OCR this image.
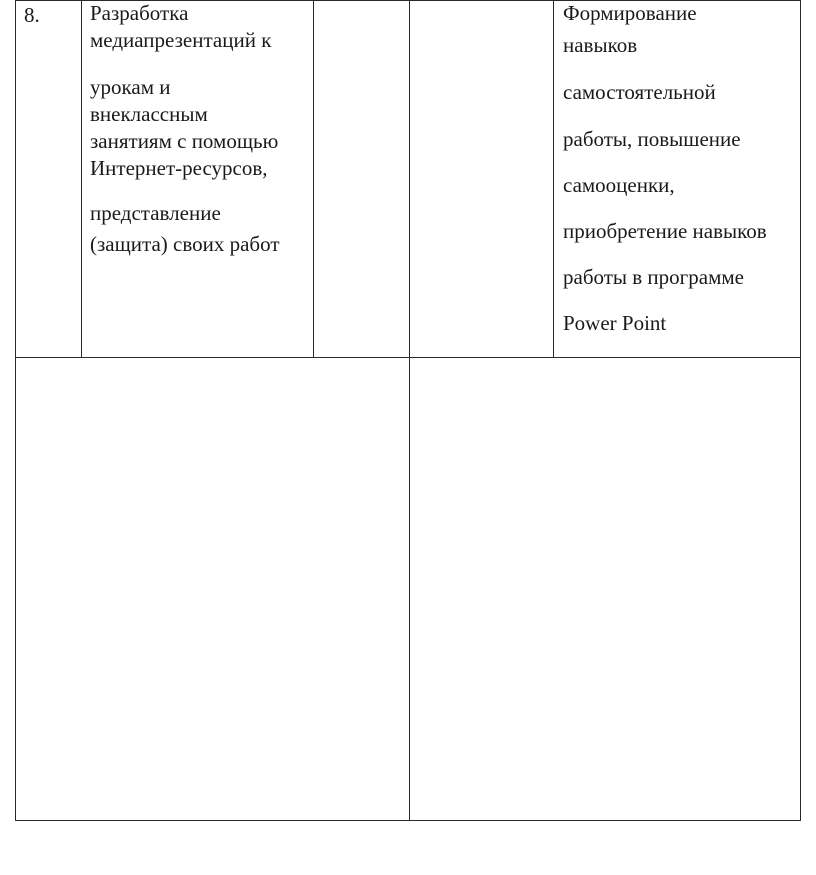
8. Разработка
медиапрезентаций к
урокам и
внеклассным
занятиям с помощью
Интернет-ресурсов,
представление
(защита) своих работ
Формирование
навыков
самостоятельной
работы, повышение
самооценки,
приобретение навыков
работы в программе
Power Point
